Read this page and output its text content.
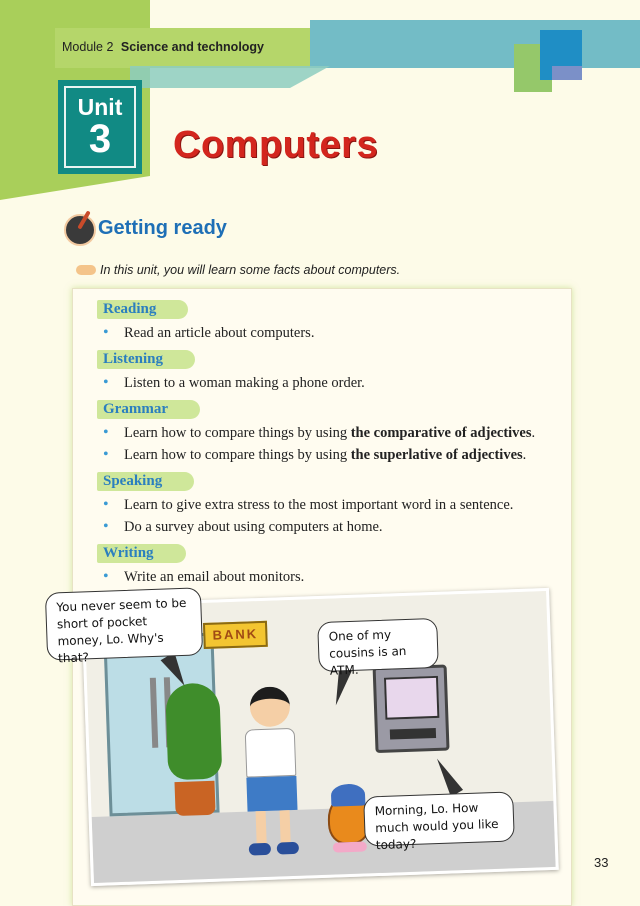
Module 2 Science and technology
Unit
3 Computers
Getting ready

In this unit, you will learn some facts about computers.

Reading
• Read an article about computers.
Listening
• Listen to a woman making a phone order.
Grammar
• Learn how to compare things by using the comparative of adjectives.
• Learn how to compare things by using the superlative of adjectives.
Speaking
• Learn to give extra stress to the most important word in a sentence.
• Do a survey about using computers at home.
Writing
• Write an email about monitors.
BANK
You never seem to be short of pocket money, Lo. Why's that?
One of my cousins is an ATM.
Morning, Lo. How much would you like today?
33
